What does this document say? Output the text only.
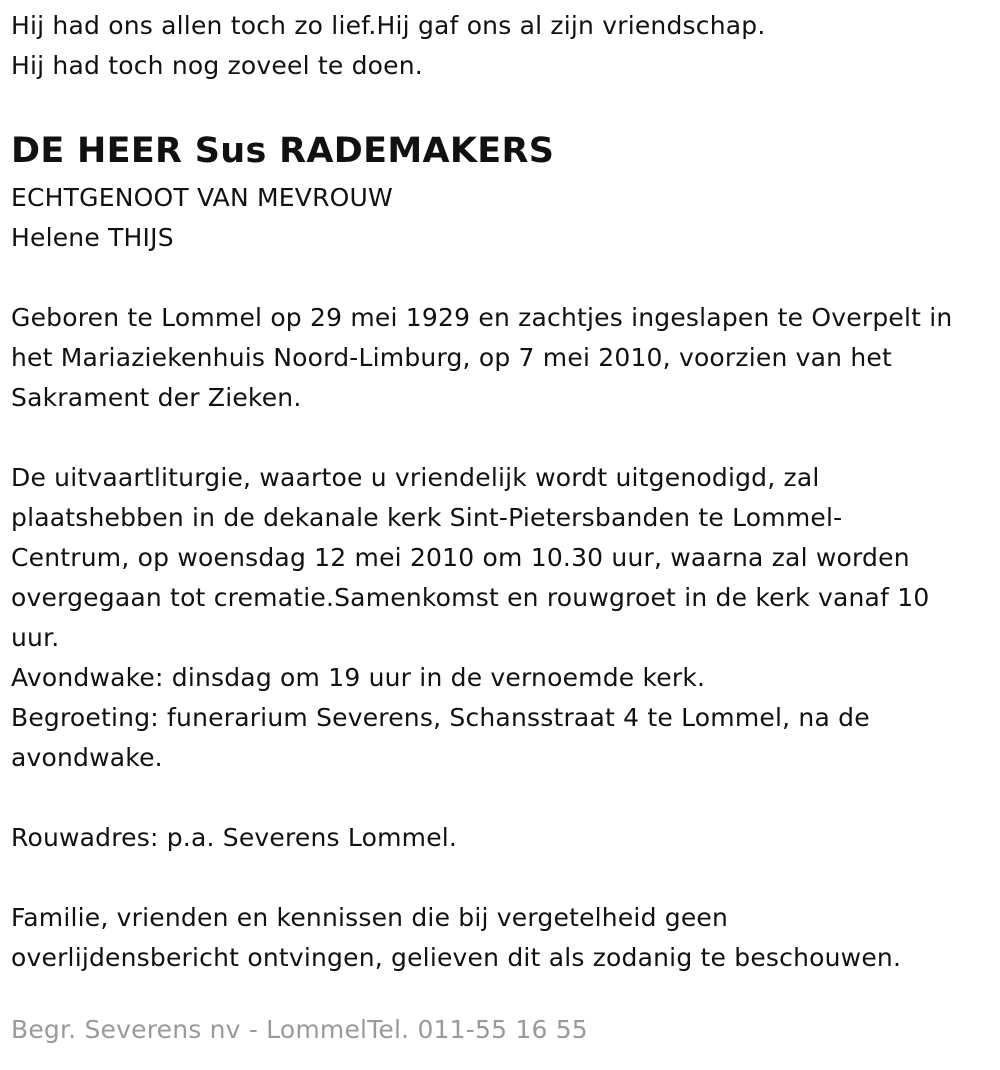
Hij had ons allen toch zo lief.Hij gaf ons al zijn vriendschap.
Hij had toch nog zoveel te doen.
DE HEER Sus RADEMAKERS
ECHTGENOOT VAN MEVROUW
Helene THIJS
Geboren te Lommel op 29 mei 1929 en zachtjes ingeslapen te Overpelt in
het Mariaziekenhuis Noord-Limburg, op 7 mei 2010, voorzien van het
Sakrament der Zieken.
De uitvaartliturgie, waartoe u vriendelijk wordt uitgenodigd, zal
plaatshebben in de dekanale kerk Sint-Pietersbanden te Lommel-
Centrum, op woensdag 12 mei 2010 om 10.30 uur, waarna zal worden
overgegaan tot crematie.Samenkomst en rouwgroet in de kerk vanaf 10
uur.
Avondwake: dinsdag om 19 uur in de vernoemde kerk.
Begroeting: funerarium Severens, Schansstraat 4 te Lommel, na de
avondwake.
Rouwadres: p.a. Severens Lommel.
Familie, vrienden en kennissen die bij vergetelheid geen
overlijdensbericht ontvingen, gelieven dit als zodanig te beschouwen.
Begr. Severens nv - LommelTel. 011-55 16 55
